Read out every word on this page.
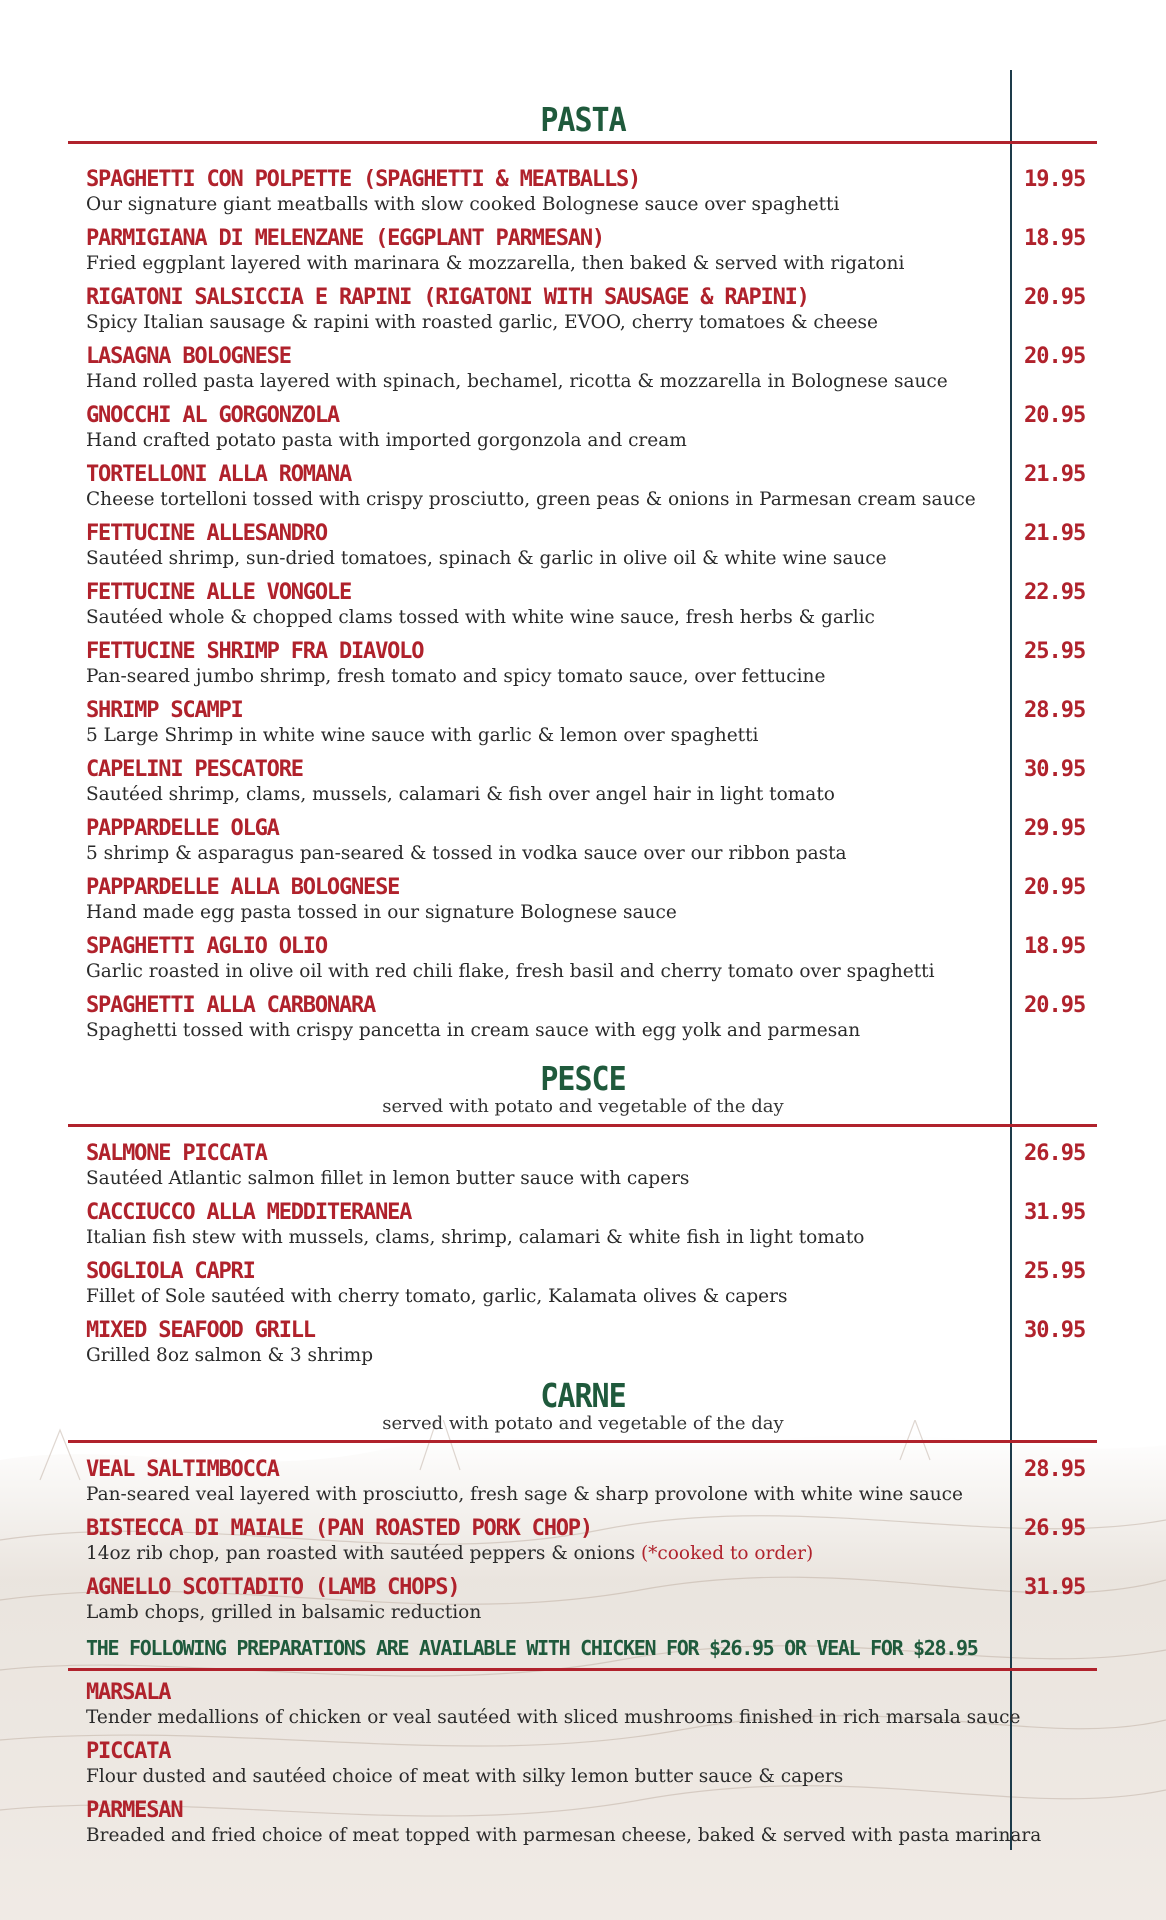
PASTA
SPAGHETTI CON POLPETTE (SPAGHETTI & MEATBALLS)
Our signature giant meatballs with slow cooked Bolognese sauce over spaghetti
19.95
PARMIGIANA DI MELENZANE (EGGPLANT PARMESAN)
Fried eggplant layered with marinara & mozzarella, then baked & served with rigatoni
18.95
RIGATONI SALSICCIA E RAPINI (RIGATONI WITH SAUSAGE & RAPINI)
Spicy Italian sausage & rapini with roasted garlic, EVOO, cherry tomatoes & cheese
20.95
LASAGNA BOLOGNESE
Hand rolled pasta layered with spinach, bechamel, ricotta & mozzarella in Bolognese sauce
20.95
GNOCCHI AL GORGONZOLA
Hand crafted potato pasta with imported gorgonzola and cream
20.95
TORTELLONI ALLA ROMANA
Cheese tortelloni tossed with crispy prosciutto, green peas & onions in Parmesan cream sauce
21.95
FETTUCINE ALLESANDRO
Sautéed shrimp, sun-dried tomatoes, spinach & garlic in olive oil & white wine sauce
21.95
FETTUCINE ALLE VONGOLE
Sautéed whole & chopped clams tossed with white wine sauce, fresh herbs & garlic
22.95
FETTUCINE SHRIMP FRA DIAVOLO
Pan-seared jumbo shrimp, fresh tomato and spicy tomato sauce, over fettucine
25.95
SHRIMP SCAMPI
5 Large Shrimp in white wine sauce with garlic & lemon over spaghetti
28.95
CAPELINI PESCATORE
Sautéed shrimp, clams, mussels, calamari & fish over angel hair in light tomato
30.95
PAPPARDELLE OLGA
5 shrimp & asparagus pan-seared & tossed in vodka sauce over our ribbon pasta
29.95
PAPPARDELLE ALLA BOLOGNESE
Hand made egg pasta tossed in our signature Bolognese sauce
20.95
SPAGHETTI AGLIO OLIO
Garlic roasted in olive oil with red chili flake, fresh basil and cherry tomato over spaghetti
18.95
SPAGHETTI ALLA CARBONARA
Spaghetti tossed with crispy pancetta in cream sauce with egg yolk and parmesan
20.95
PESCE
served with potato and vegetable of the day
SALMONE PICCATA
Sautéed Atlantic salmon fillet in lemon butter sauce with capers
26.95
CACCIUCCO ALLA MEDDITERANEA
Italian fish stew with mussels, clams, shrimp, calamari & white fish in light tomato
31.95
SOGLIOLA CAPRI
Fillet of Sole sautéed with cherry tomato, garlic, Kalamata olives & capers
25.95
MIXED SEAFOOD GRILL
Grilled 8oz salmon & 3 shrimp
30.95
CARNE
served with potato and vegetable of the day
VEAL SALTIMBOCCA
Pan-seared veal layered with prosciutto, fresh sage & sharp provolone with white wine sauce
28.95
BISTECCA DI MAIALE (PAN ROASTED PORK CHOP)
14oz rib chop, pan roasted with sautéed peppers & onions (*cooked to order)
26.95
AGNELLO SCOTTADITO (LAMB CHOPS)
Lamb chops, grilled in balsamic reduction
31.95
THE FOLLOWING PREPARATIONS ARE AVAILABLE WITH CHICKEN FOR $26.95 OR VEAL FOR $28.95
MARSALA
Tender medallions of chicken or veal sautéed with sliced mushrooms finished in rich marsala sauce
PICCATA
Flour dusted and sautéed choice of meat with silky lemon butter sauce & capers
PARMESAN
Breaded and fried choice of meat topped with parmesan cheese, baked & served with pasta marinara
